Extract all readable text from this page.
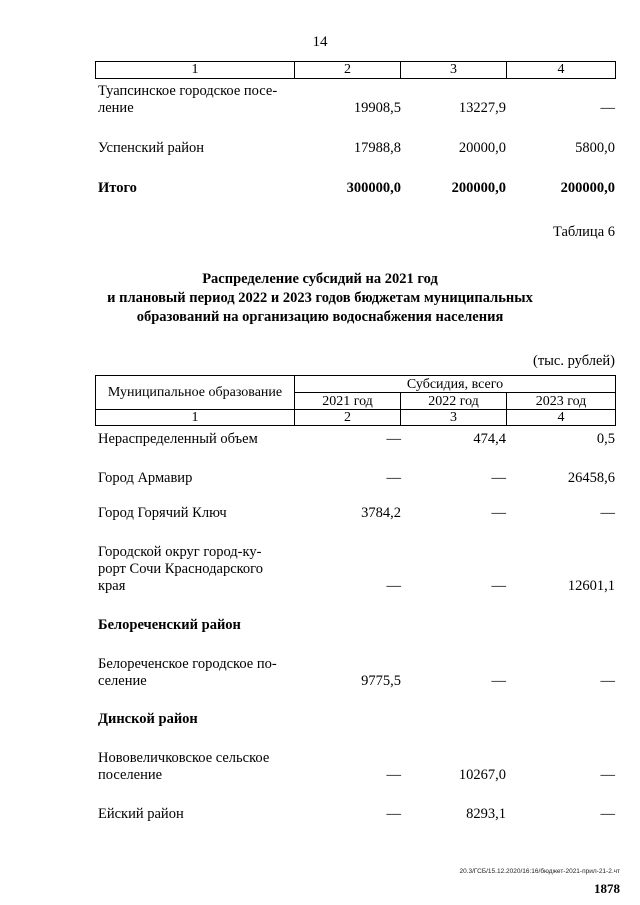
14
1	2	3	4
Туапсинское городское посе-
ление	19908,5	13227,9	—
Успенский район	17988,8	20000,0	5800,0
Итого	300000,0	200000,0	200000,0
Таблица 6
Распределение субсидий на 2021 год
и плановый период 2022 и 2023 годов бюджетам муниципальных
образований на организацию водоснабжения населения
(тыс. рублей)
Муниципальное образование	Субсидия, всего		
	2021 год	2022 год	2023 год
1	2	3	4
Нераспределенный объем	—	474,4	0,5
Город Армавир	—	—	26458,6
Город Горячий Ключ	3784,2	—	—
Городской округ город-ку-
рорт Сочи Краснодарского
края	—	—	12601,1
Белореченский район
Белореченское городское по-
селение	9775,5	—	—
Динской район
Нововеличковское сельское
поселение	—	10267,0	—
Ейский район	—	8293,1	—
20.3/ГСБ/15.12.2020/16:16/бюджет-2021-прил-21-2.чт
1878
